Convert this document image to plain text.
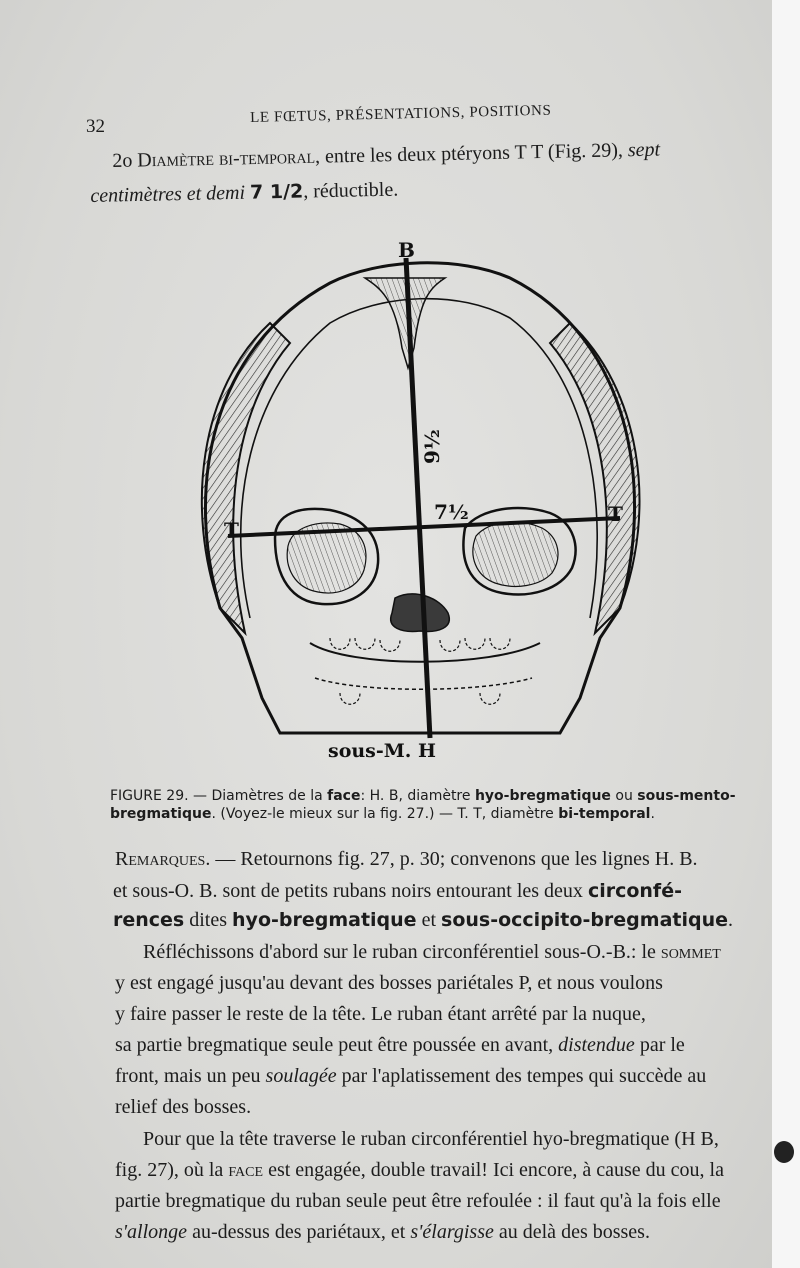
32
LE FŒTUS, PRÉSENTATIONS, POSITIONS
2o Diamètre bi-temporal, entre les deux ptéryons T T (Fig. 29), sept
centimètres et demi 7 1/2, réductible.
B
T
T
9½
7½
sous-M. H
FIGURE 29. — Diamètres de la face: H. B, diamètre hyo-bregmatique ou sous-mento-
bregmatique. (Voyez-le mieux sur la fig. 27.) — T. T, diamètre bi-temporal.
Remarques. — Retournons fig. 27, p. 30; convenons que les lignes H. B.
et sous-O. B. sont de petits rubans noirs entourant les deux circonfé-
rences dites hyo-bregmatique et sous-occipito-bregmatique.
Réfléchissons d'abord sur le ruban circonférentiel sous-O.-B.: le sommet
y est engagé jusqu'au devant des bosses pariétales P, et nous voulons
y faire passer le reste de la tête. Le ruban étant arrêté par la nuque,
sa partie bregmatique seule peut être poussée en avant, distendue par le
front, mais un peu soulagée par l'aplatissement des tempes qui succède au
relief des bosses.
Pour que la tête traverse le ruban circonférentiel hyo-bregmatique (H B,
fig. 27), où la face est engagée, double travail! Ici encore, à cause du cou, la
partie bregmatique du ruban seule peut être refoulée : il faut qu'à la fois elle
s'allonge au-dessus des pariétaux, et s'élargisse au delà des bosses.
